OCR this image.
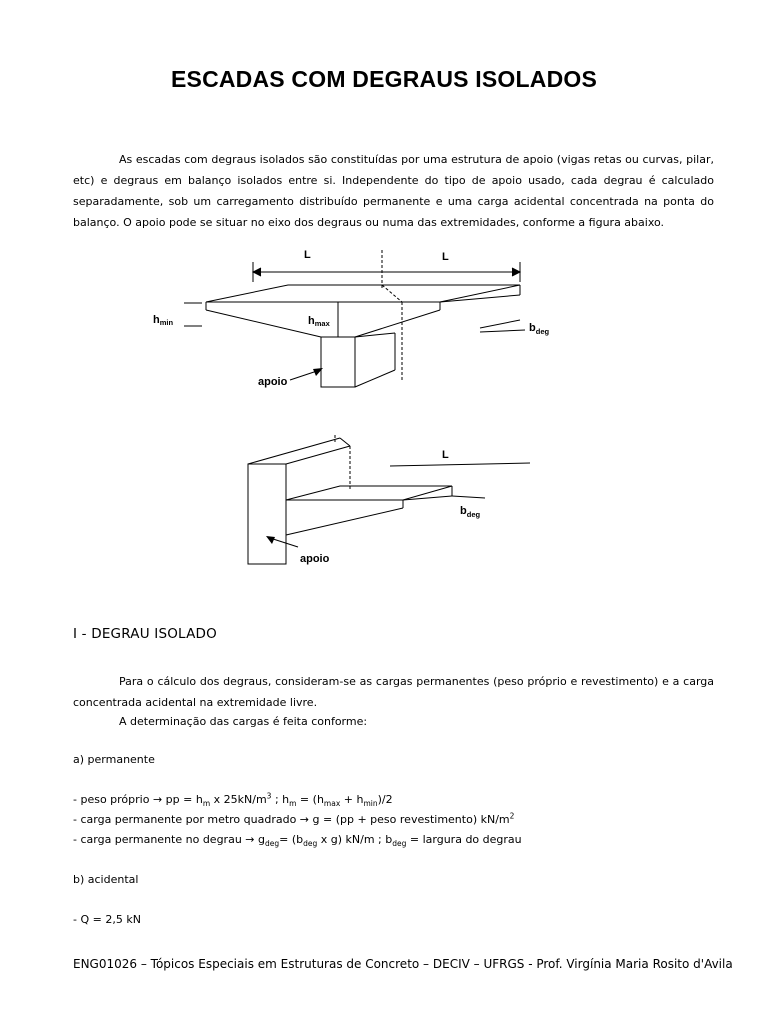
ESCADAS COM DEGRAUS ISOLADOS
As escadas com degraus isolados são constituídas por uma estrutura de apoio (vigas retas ou curvas, pilar, etc) e degraus em balanço isolados entre si. Independente do tipo de apoio usado, cada degrau é calculado separadamente, sob um carregamento distribuído permanente e uma carga acidental concentrada na ponta do balanço. O apoio pode se situar no eixo dos degraus ou numa das extremidades, conforme a figura abaixo.
L	L
hmin	hmax	$b_{deg}$
apoio
L
$b_{deg}$
apoio
I - DEGRAU ISOLADO
Para o cálculo dos degraus, consideram-se as cargas permanentes (peso próprio e revestimento) e a carga concentrada acidental na extremidade livre.
A determinação das cargas é feita conforme:
a) permanente
- peso próprio → pp = $h_m$ x $25kN/m^3$ ; $h_m = (h_{max} + h_{min})/2$
- carga permanente por metro quadrado → g = (pp + peso revestimento) $kN/m^2$
- carga permanente no degrau → $g_{deg}= (b_{deg}$ x g) kN/m ; $b_{deg}$ = largura do degrau
b) acidental
- Q = 2,5 kN
ENG01026 – Tópicos Especiais em Estruturas de Concreto – DECIV – UFRGS - Prof. Virgínia Maria Rosito d'Avila
